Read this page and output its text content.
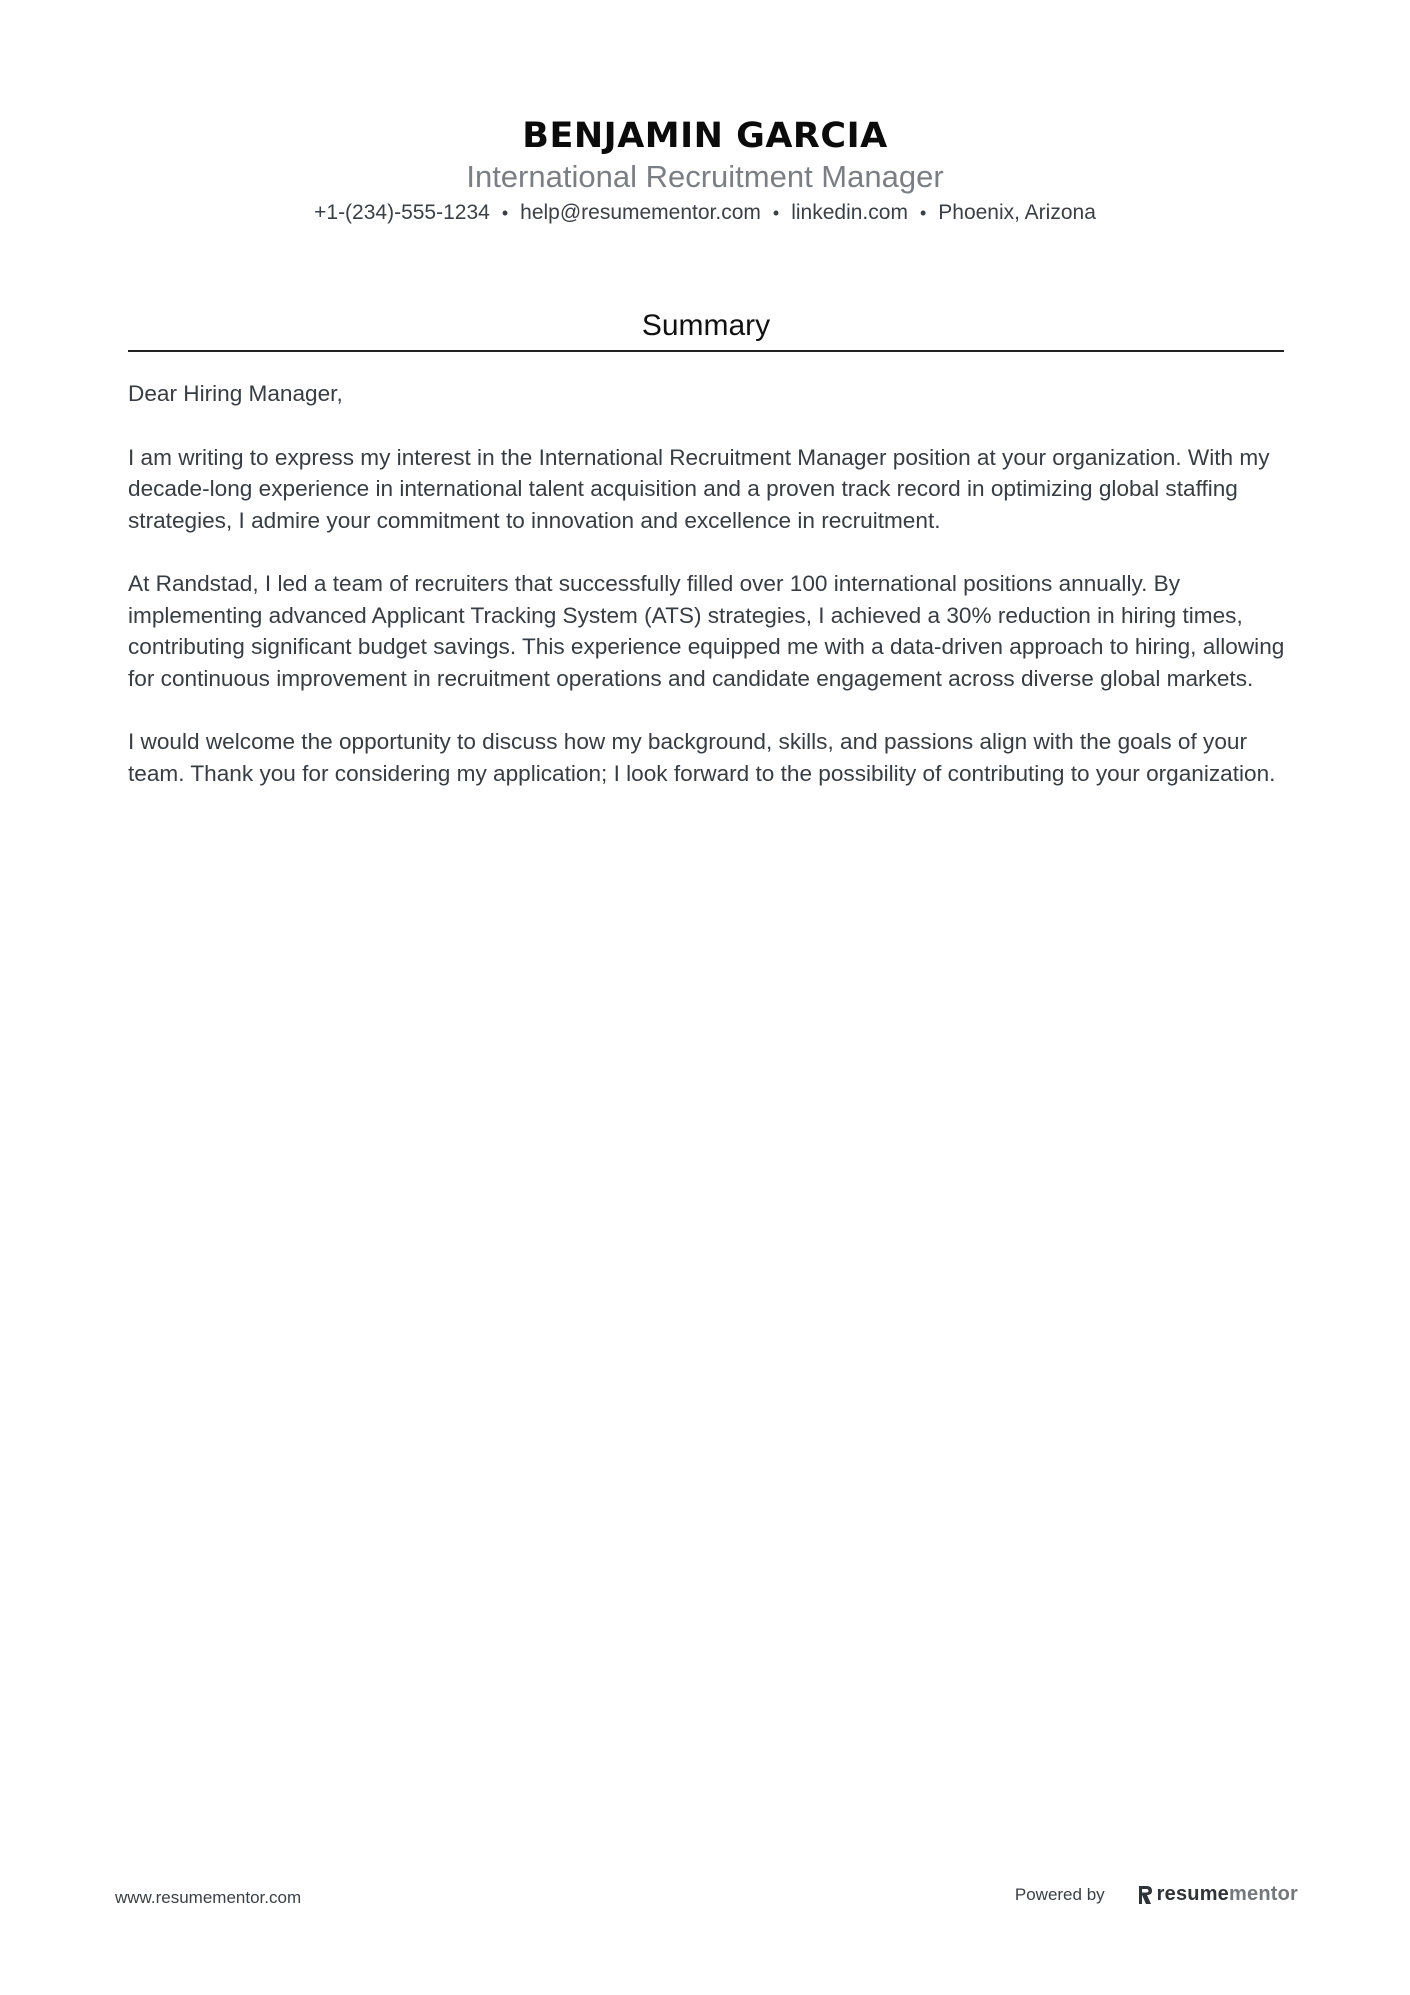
BENJAMIN GARCIA
International Recruitment Manager
+1-(234)-555-1234 • help@resumementor.com • linkedin.com • Phoenix, Arizona
Summary

Dear Hiring Manager,

I am writing to express my interest in the International Recruitment Manager position at your organization. With my decade-long experience in international talent acquisition and a proven track record in optimizing global staffing strategies, I admire your commitment to innovation and excellence in recruitment.

At Randstad, I led a team of recruiters that successfully filled over 100 international positions annually. By implementing advanced Applicant Tracking System (ATS) strategies, I achieved a 30% reduction in hiring times, contributing significant budget savings. This experience equipped me with a data-driven approach to hiring, allowing for continuous improvement in recruitment operations and candidate engagement across diverse global markets.

I would welcome the opportunity to discuss how my background, skills, and passions align with the goals of your team. Thank you for considering my application; I look forward to the possibility of contributing to your organization.

www.resumementor.com	Powered by	resume mentor
